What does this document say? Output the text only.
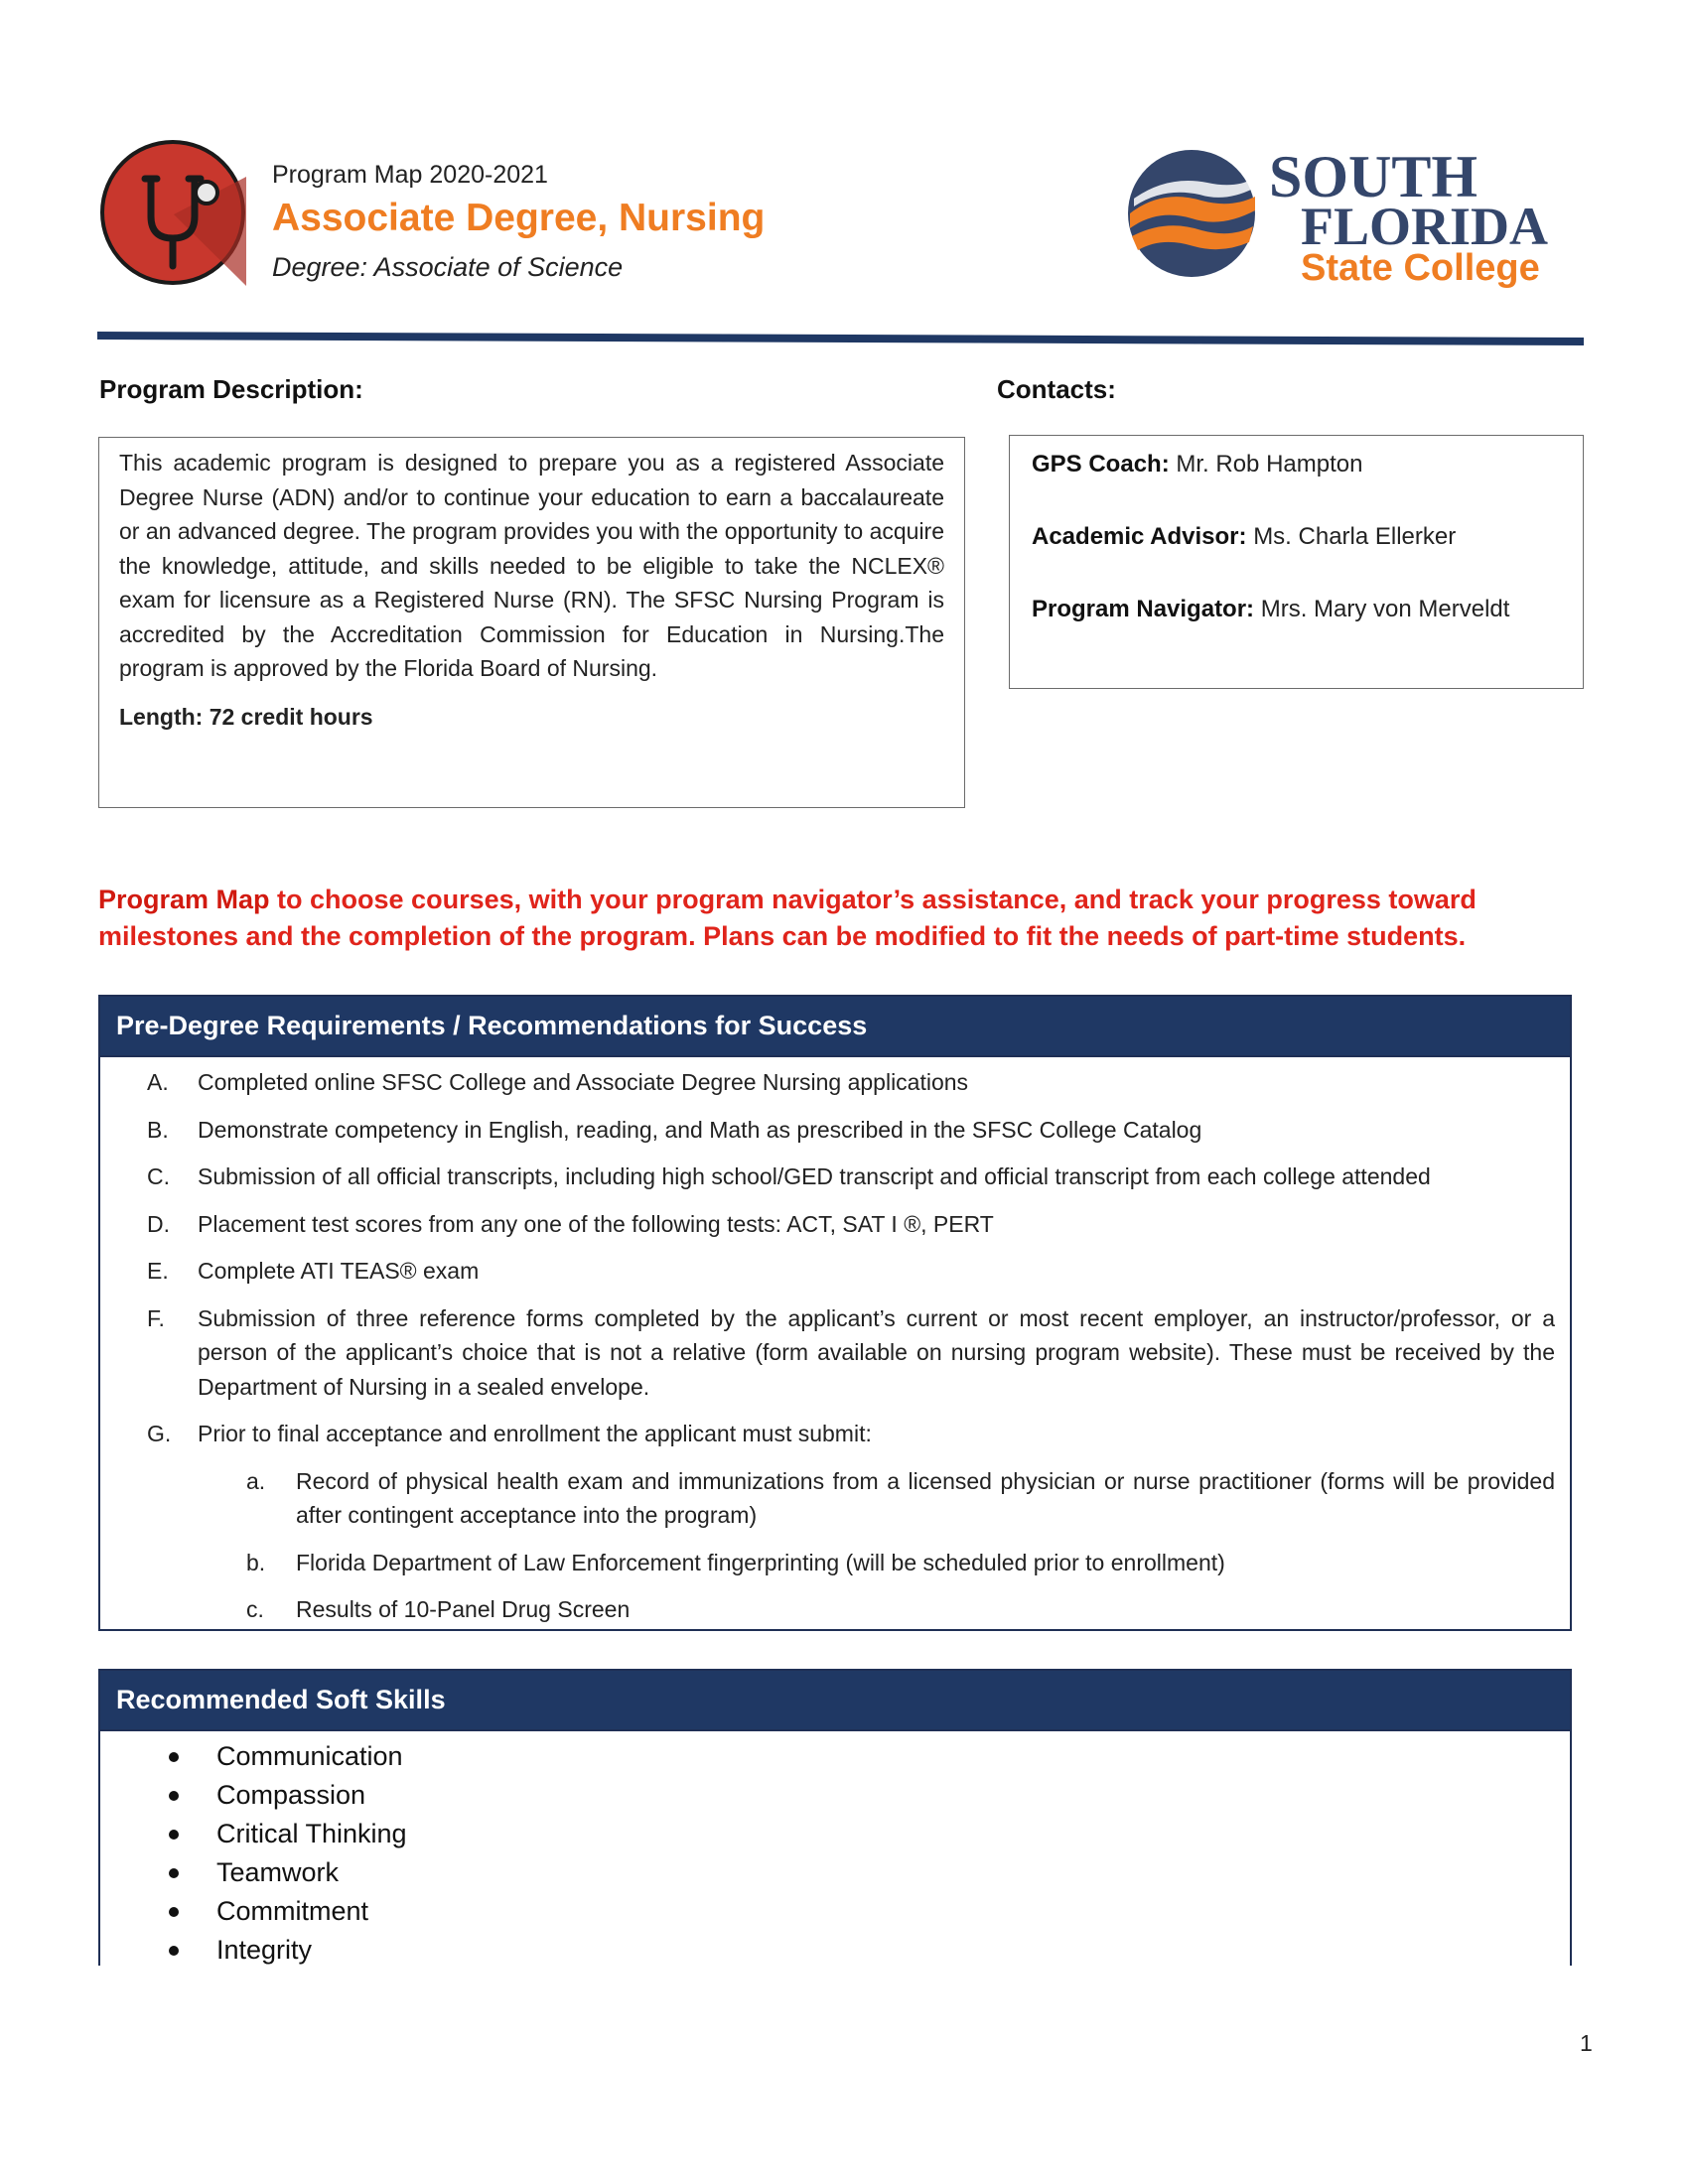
Program Map 2020-2021
Associate Degree, Nursing
Degree: Associate of Science
SOUTH
FLORIDA
State College
Program Description:
This academic program is designed to prepare you as a registered Associate Degree Nurse (ADN) and/or to continue your education to earn a baccalaureate or an advanced degree. The program provides you with the opportunity to acquire the knowledge, attitude, and skills needed to be eligible to take the NCLEX® exam for licensure as a Registered Nurse (RN). The SFSC Nursing Program is accredited by the Accreditation Commission for Education in Nursing.The program is approved by the Florida Board of Nursing.
Length: 72 credit hours
Contacts:
GPS Coach: Mr. Rob Hampton
Academic Advisor: Ms. Charla Ellerker
Program Navigator: Mrs. Mary von Merveldt
Program Map to choose courses, with your program navigator’s assistance, and track your progress toward milestones and the completion of the program. Plans can be modified to fit the needs of part-time students.
Pre-Degree Requirements / Recommendations for Success
A.	Completed online SFSC College and Associate Degree Nursing applications
B.	Demonstrate competency in English, reading, and Math as prescribed in the SFSC College Catalog
C.	Submission of all official transcripts, including high school/GED transcript and official transcript from each college attended
D.	Placement test scores from any one of the following tests: ACT, SAT I ®, PERT
E.	Complete ATI TEAS® exam
F.	Submission of three reference forms completed by the applicant’s current or most recent employer, an instructor/professor, or a person of the applicant’s choice that is not a relative (form available on nursing program website). These must be received by the Department of Nursing in a sealed envelope.
G.	Prior to final acceptance and enrollment the applicant must submit:
a.	Record of physical health exam and immunizations from a licensed physician or nurse practitioner (forms will be provided after contingent acceptance into the program)
b.	Florida Department of Law Enforcement fingerprinting (will be scheduled prior to enrollment)
c.	Results of 10-Panel Drug Screen
Recommended Soft Skills
Communication
Compassion
Critical Thinking
Teamwork
Commitment
Integrity
1
